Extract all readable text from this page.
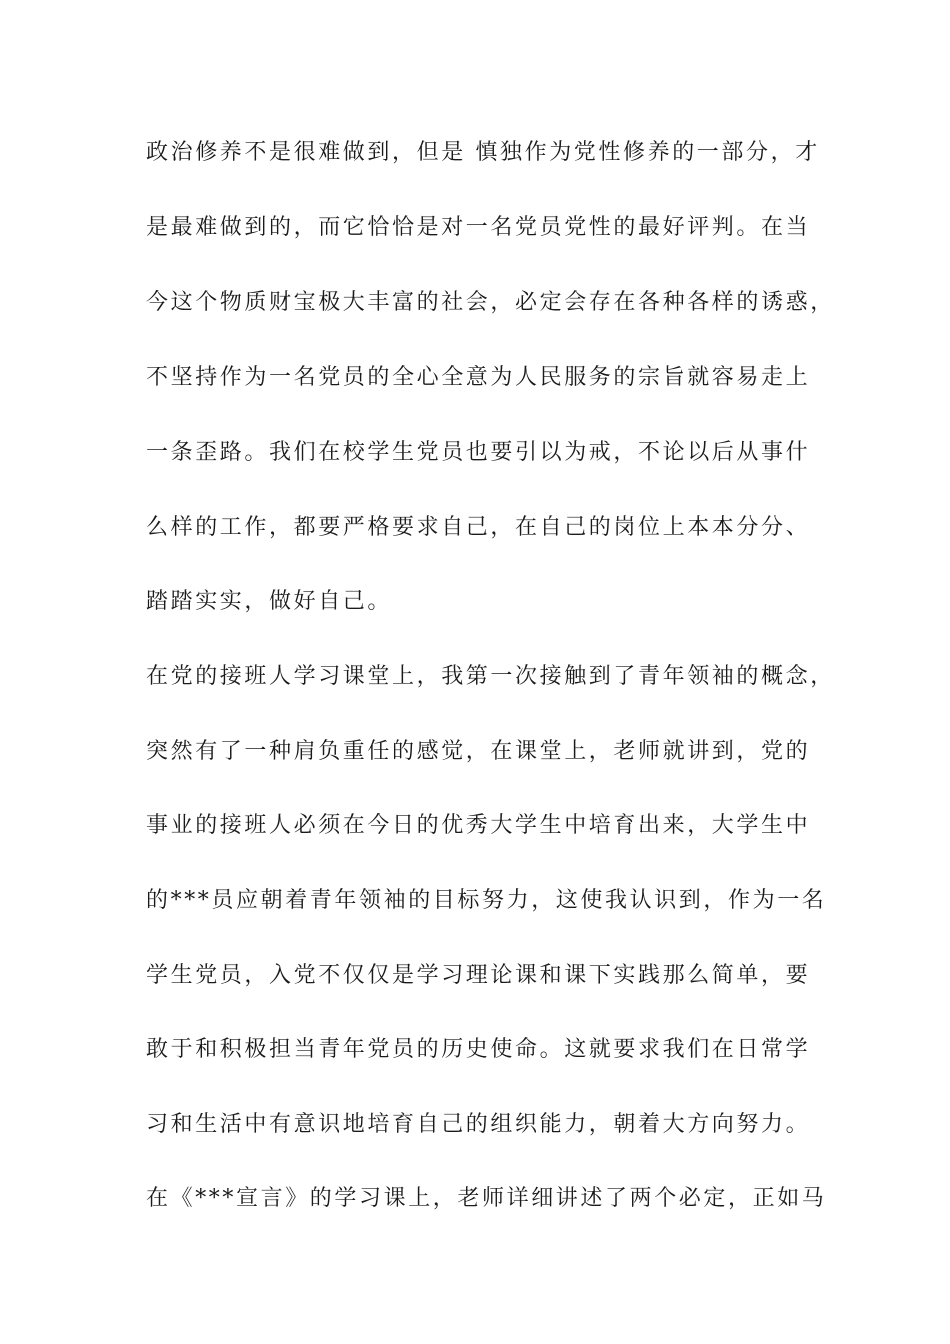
政治修养不是很难做到，但是 慎独作为党性修养的一部分，才
是最难做到的，而它恰恰是对一名党员党性的最好评判。在当
今这个物质财宝极大丰富的社会，必定会存在各种各样的诱惑，
不坚持作为一名党员的全心全意为人民服务的宗旨就容易走上
一条歪路。我们在校学生党员也要引以为戒，不论以后从事什
么样的工作，都要严格要求自己，在自己的岗位上本本分分、
踏踏实实，做好自己。
在党的接班人学习课堂上，我第一次接触到了青年领袖的概念，
突然有了一种肩负重任的感觉，在课堂上，老师就讲到，党的
事业的接班人必须在今日的优秀大学生中培育出来，大学生中
的***员应朝着青年领袖的目标努力，这使我认识到，作为一名
学生党员，入党不仅仅是学习理论课和课下实践那么简单，要
敢于和积极担当青年党员的历史使命。这就要求我们在日常学
习和生活中有意识地培育自己的组织能力，朝着大方向努力。
在《***宣言》的学习课上，老师详细讲述了两个必定，正如马
